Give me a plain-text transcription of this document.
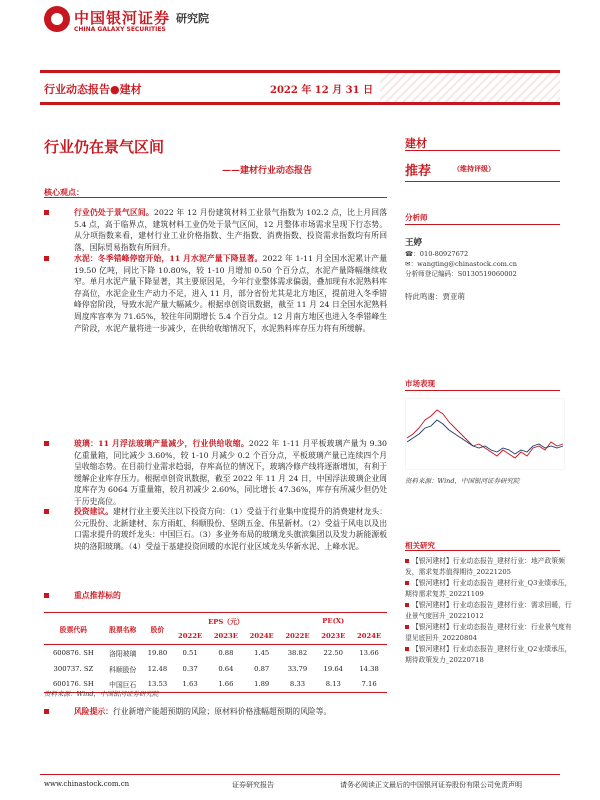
中国银河证券
CHINA GALAXY SECURITIES
研究院
行业动态报告●建材	2022 年 12 月 31 日
行业仍在景气区间
——建材行业动态报告
核心观点：
行业仍处于景气区间。2022 年 12 月份建筑材料工业景气指数为 102.2 点，比上月回落 5.4 点，高于临界点，建筑材料工业仍处于景气区间，12 月整体市场需求呈现下行态势。从分项指数来看，建材行业工业价格指数、生产指数、消费指数、投资需求指数均有所回落，国际贸易指数有所回升。
水泥：冬季错峰停窑开始，11 月水泥产量下降显著。2022 年 1-11 月全国水泥累计产量 19.50 亿吨，同比下降 10.80%，较 1-10 月增加 0.50 个百分点，水泥产量降幅继续收窄。单月水泥产量下降显著，其主要原因是，今年行业整体需求偏弱，叠加现有水泥熟料库存高位，水泥企业生产动力不足，进入 11 月，部分省份尤其是北方地区，提前进入冬季错峰停窑阶段，导致水泥产量大幅减少。根据卓创资讯数据，截至 11 月 24 日全国水泥熟料周度库容率为 71.65%，较往年同期增长 5.4 个百分点。12 月南方地区也进入冬季错峰生产阶段，水泥产量将进一步减少，在供给收缩情况下，水泥熟料库存压力将有所缓解。
玻璃：11 月浮法玻璃产量减少，行业供给收缩。2022 年 1-11 月平板玻璃产量为 9.30 亿重量箱，同比减少 3.60%，较 1-10 月减少 0.2 个百分点，平板玻璃产量已连续四个月呈收缩态势。在目前行业需求趋弱，存库高位的情况下，玻璃冷修产线将逐渐增加，有利于缓解企业库存压力。根据卓创资讯数据，截至 2022 年 11 月 24 日，中国浮法玻璃企业周度库存为 6064 万重量箱，较月初减少 2.60%，同比增长 47.36%，库存有所减少但仍处于历史高位。
投资建议。建材行业主要关注以下投资方向：（1）受益于行业集中度提升的消费建材龙头：公元股份、北新建材、东方雨虹、科顺股份、坚朗五金、伟星新材。（2）受益于风电以及出口需求提升的玻纤龙头：中国巨石。（3）多业务布局的玻璃龙头旗滨集团以及发力新能源板块的洛阳玻璃。（4）受益于基建投资回暖的水泥行业区域龙头华新水泥、上峰水泥。
重点推荐标的
股票代码	股票名称	股价	EPS（元）			PE(X)		
			2022E	2023E	2024E	2022E	2023E	2024E
600876. SH	洛阳玻璃	19.80	0.51	0.88	1.45	38.82	22.50	13.66
300737. SZ	科顺股份	12.48	0.37	0.64	0.87	33.79	19.64	14.38
600176. SH	中国巨石	13.53	1.63	1.66	1.89	8.33	8.13	7.16
资料来源：Wind，中国银河证券研究院
风险提示：行业新增产能超预期的风险；原材料价格涨幅超预期的风险等。
建材
推荐	（维持评级）
分析师
王婷
☎：010-80927672
✉：wangting@chinastock.com.cn
分析师登记编码：S0130519060002
特此鸣谢：贾亚萌
市场表现
资料来源：Wind，中国银河证券研究院
相关研究
【银河建材】行业动态报告_建材行业：地产政策频发，需求复苏值得期待_20221205
【银河建材】行业动态报告_建材行业_Q3业绩承压，期待需求复苏_20221109
【银河建材】行业动态报告_建材行业：需求回暖，行业景气度回升_20221012
【银河建材】行业动态报告_建材行业：行业景气度有望见底回升_20220804
【银河建材】行业动态报告_建材行业_Q2业绩承压，期待政策发力_20220718
www.chinastock.com.cn	证券研究报告	请务必阅读正文最后的中国银河证券股份有限公司免责声明
